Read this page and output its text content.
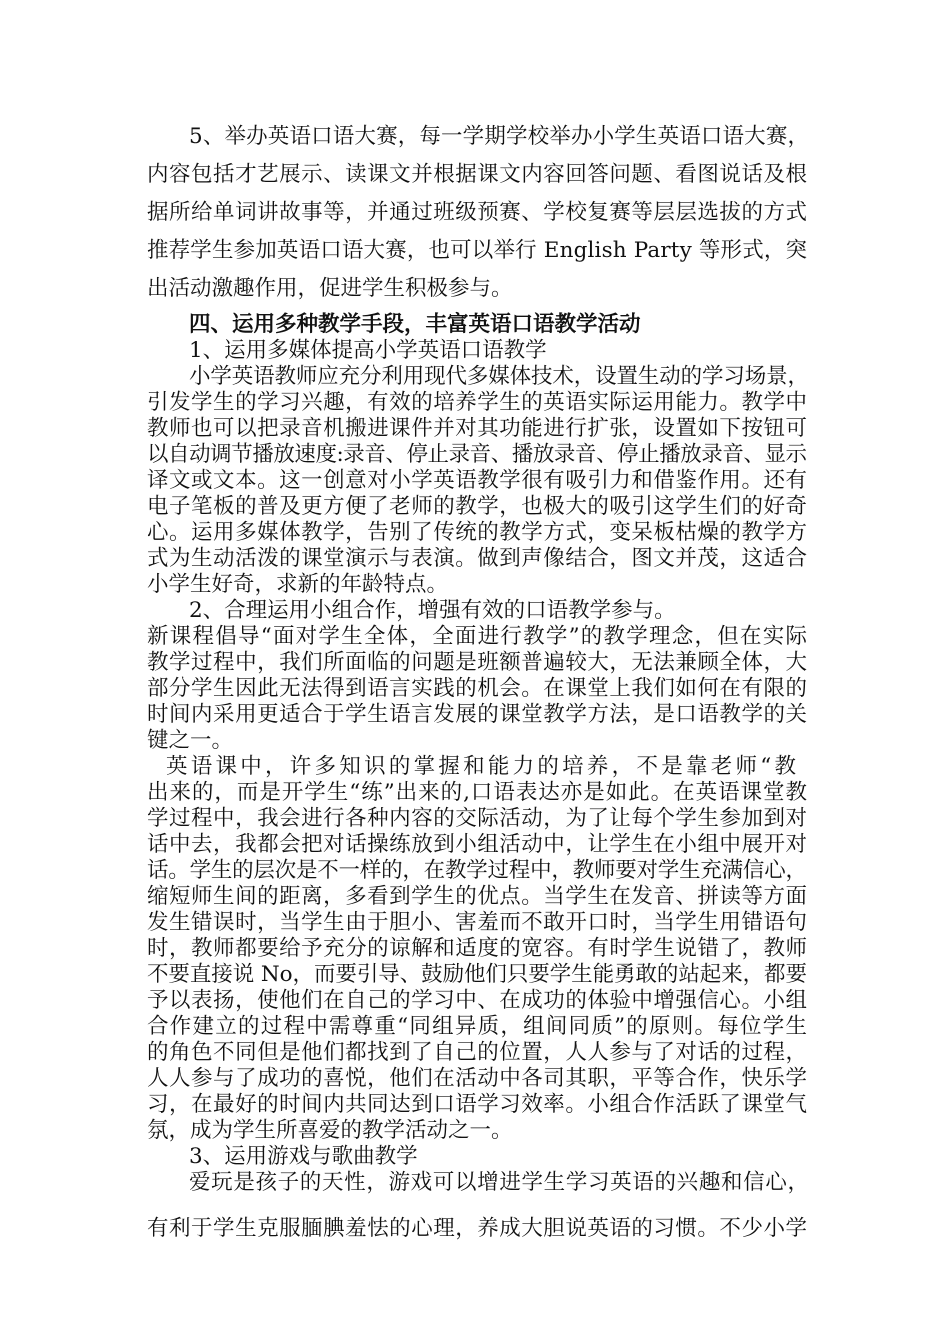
5、举办英语口语大赛，每一学期学校举办小学生英语口语大赛，
内容包括才艺展示、读课文并根据课文内容回答问题、看图说话及根
据所给单词讲故事等，并通过班级预赛、学校复赛等层层选拔的方式
推荐学生参加英语口语大赛，也可以举行 English Party 等形式，突
出活动激趣作用，促进学生积极参与。
四、运用多种教学手段，丰富英语口语教学活动
1、运用多媒体提高小学英语口语教学
小学英语教师应充分利用现代多媒体技术，设置生动的学习场景，
引发学生的学习兴趣，有效的培养学生的英语实际运用能力。教学中
教师也可以把录音机搬进课件并对其功能进行扩张，设置如下按钮可
以自动调节播放速度:录音、停止录音、播放录音、停止播放录音、显示
译文或文本。这一创意对小学英语教学很有吸引力和借鉴作用。还有
电子笔板的普及更方便了老师的教学，也极大的吸引这学生们的好奇
心。运用多媒体教学，告别了传统的教学方式，变呆板枯燥的教学方
式为生动活泼的课堂演示与表演。做到声像结合，图文并茂，这适合
小学生好奇，求新的年龄特点。
2、合理运用小组合作，增强有效的口语教学参与。
新课程倡导“面对学生全体，全面进行教学”的教学理念，但在实际
教学过程中，我们所面临的问题是班额普遍较大，无法兼顾全体，大
部分学生因此无法得到语言实践的机会。在课堂上我们如何在有限的
时间内采用更适合于学生语言发展的课堂教学方法，是口语教学的关
键之一。
英语课中，许多知识的掌握和能力的培养，不是靠老师“教
出来的，而是开学生“练”出来的,口语表达亦是如此。在英语课堂教
学过程中，我会进行各种内容的交际活动，为了让每个学生参加到对
话中去，我都会把对话操练放到小组活动中，让学生在小组中展开对
话。学生的层次是不一样的，在教学过程中，教师要对学生充满信心，
缩短师生间的距离，多看到学生的优点。当学生在发音、拼读等方面
发生错误时，当学生由于胆小、害羞而不敢开口时，当学生用错语句
时，教师都要给予充分的谅解和适度的宽容。有时学生说错了，教师
不要直接说 No，而要引导、鼓励他们只要学生能勇敢的站起来，都要
予以表扬，使他们在自己的学习中、在成功的体验中增强信心。小组
合作建立的过程中需尊重“同组异质，组间同质”的原则。每位学生
的角色不同但是他们都找到了自己的位置，人人参与了对话的过程，
人人参与了成功的喜悦，他们在活动中各司其职，平等合作，快乐学
习，在最好的时间内共同达到口语学习效率。小组合作活跃了课堂气
氛，成为学生所喜爱的教学活动之一。
3、运用游戏与歌曲教学
爱玩是孩子的天性，游戏可以增进学生学习英语的兴趣和信心，
有利于学生克服腼腆羞怯的心理，养成大胆说英语的习惯。不少小学
